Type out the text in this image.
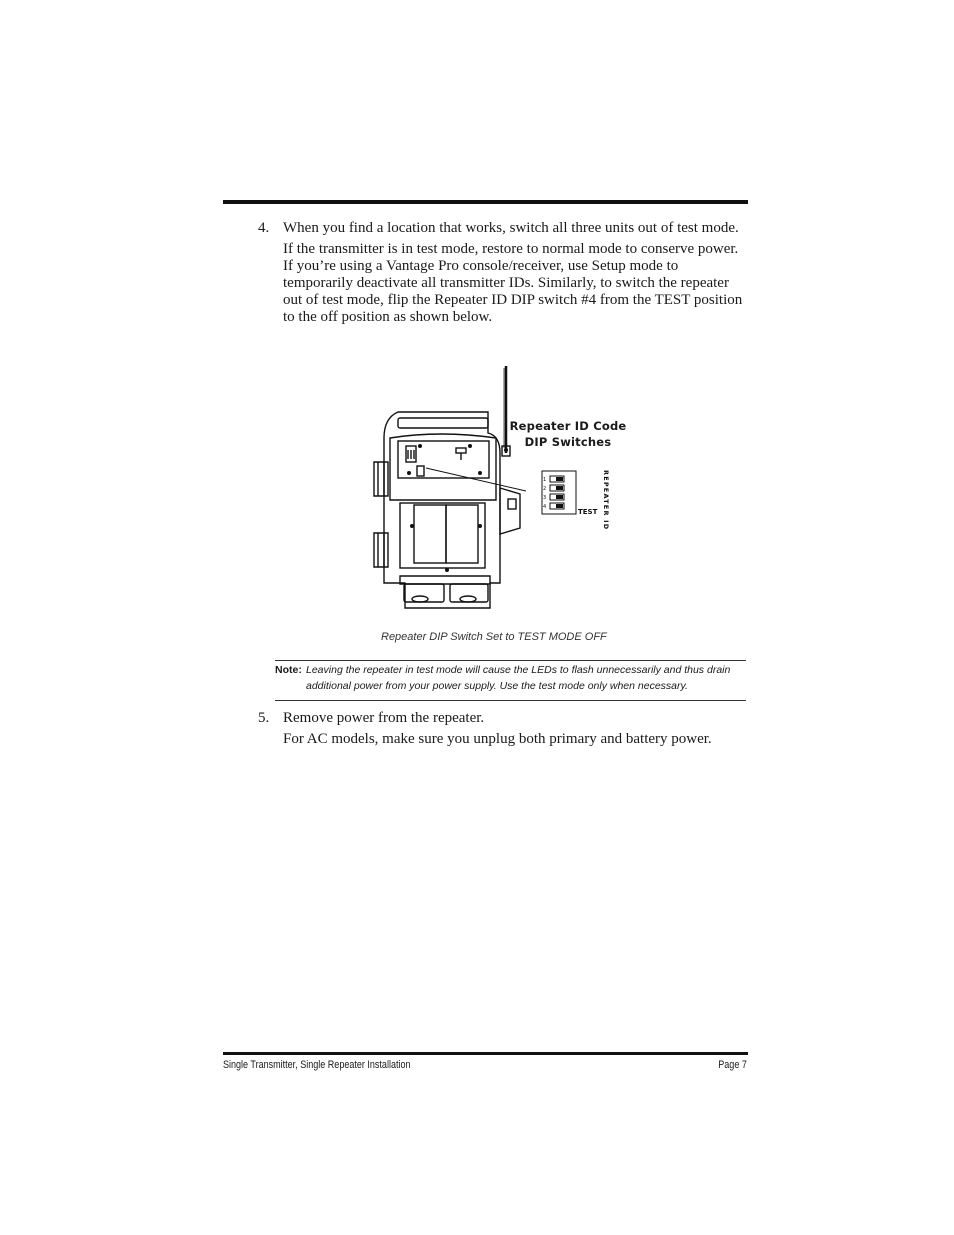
4. When you find a location that works, switch all three units out of test mode.

If the transmitter is in test mode, restore to normal mode to conserve power. If you’re using a Vantage Pro console/receiver, use Setup mode to temporarily deactivate all transmitter IDs. Similarly, to switch the repeater out of test mode, flip the Repeater ID DIP switch #4 from the TEST position to the off position as shown below.

1
2
3
4
TEST REPEATER ID
Repeater ID Code
DIP Switches
Repeater DIP Switch Set to TEST MODE OFF
Note: Leaving the repeater in test mode will cause the LEDs to flash unnecessarily and thus drain additional power from your power supply. Use the test mode only when necessary.
5. Remove power from the repeater.

For AC models, make sure you unplug both primary and battery power.

Single Transmitter, Single Repeater Installation	Page 7
